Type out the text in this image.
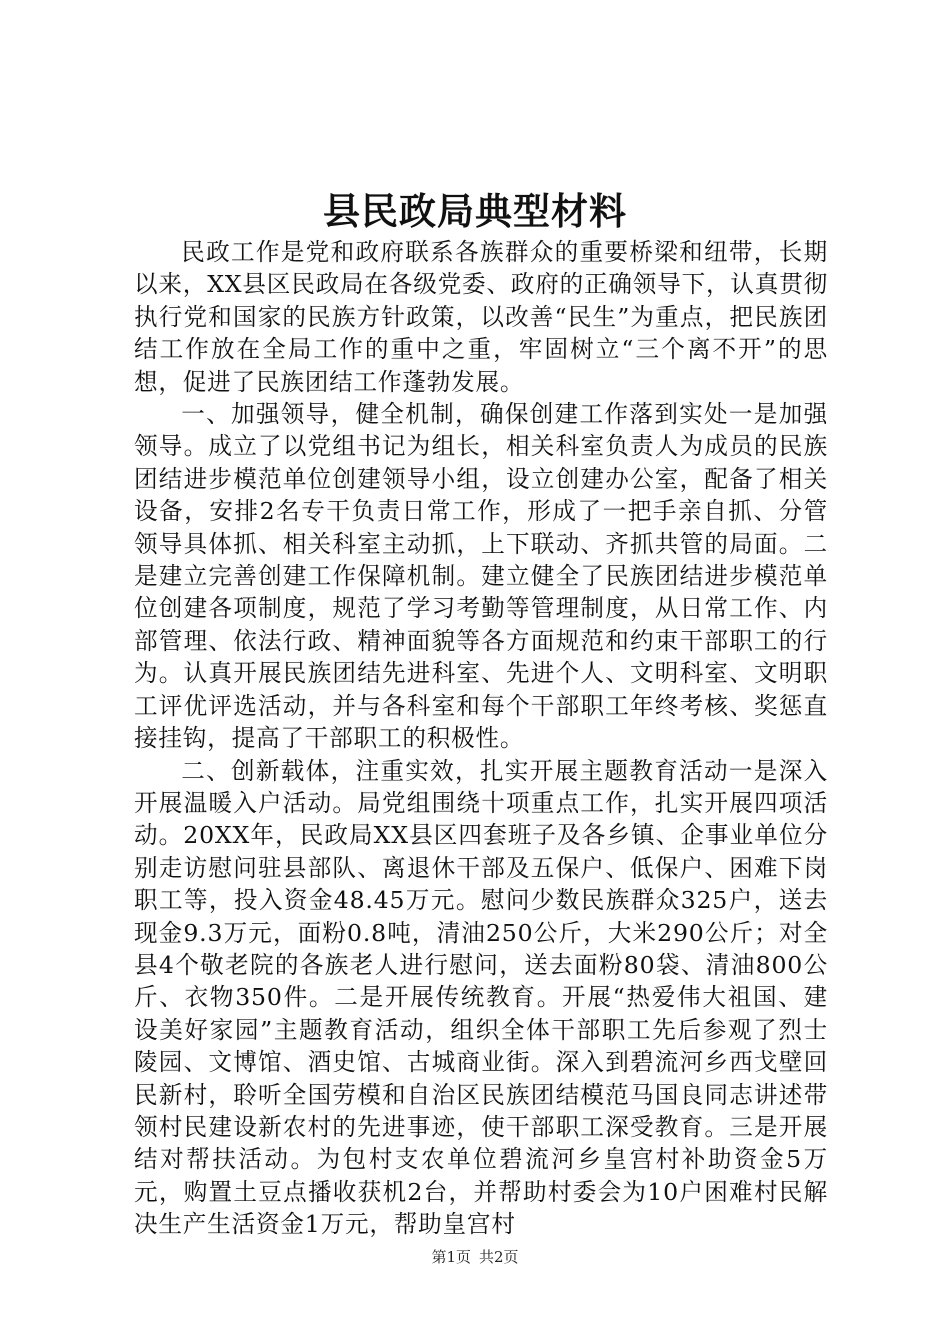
县民政局典型材料

民政工作是党和政府联系各族群众的重要桥梁和纽带，长期以来，XX县区民政局在各级党委、政府的正确领导下，认真贯彻执行党和国家的民族方针政策，以改善“民生”为重点，把民族团结工作放在全局工作的重中之重，牢固树立“三个离不开”的思想，促进了民族团结工作蓬勃发展。

一、加强领导，健全机制，确保创建工作落到实处一是加强领导。成立了以党组书记为组长，相关科室负责人为成员的民族团结进步模范单位创建领导小组，设立创建办公室，配备了相关设备，安排2名专干负责日常工作，形成了一把手亲自抓、分管领导具体抓、相关科室主动抓，上下联动、齐抓共管的局面。二是建立完善创建工作保障机制。建立健全了民族团结进步模范单位创建各项制度，规范了学习考勤等管理制度，从日常工作、内部管理、依法行政、精神面貌等各方面规范和约束干部职工的行为。认真开展民族团结先进科室、先进个人、文明科室、文明职工评优评选活动，并与各科室和每个干部职工年终考核、奖惩直接挂钩，提高了干部职工的积极性。

二、创新载体，注重实效，扎实开展主题教育活动一是深入开展温暖入户活动。局党组围绕十项重点工作，扎实开展四项活动。20XX年，民政局XX县区四套班子及各乡镇、企事业单位分别走访慰问驻县部队、离退休干部及五保户、低保户、困难下岗职工等，投入资金48.45万元。慰问少数民族群众325户，送去现金9.3万元，面粉0.8吨，清油250公斤，大米290公斤；对全县4个敬老院的各族老人进行慰问，送去面粉80袋、清油800公斤、衣物350件。二是开展传统教育。开展“热爱伟大祖国、建设美好家园”主题教育活动，组织全体干部职工先后参观了烈士陵园、文博馆、酒史馆、古城商业街。深入到碧流河乡西戈壁回民新村，聆听全国劳模和自治区民族团结模范马国良同志讲述带领村民建设新农村的先进事迹，使干部职工深受教育。三是开展结对帮扶活动。为包村支农单位碧流河乡皇宫村补助资金5万元，购置土豆点播收获机2台，并帮助村委会为10户困难村民解决生产生活资金1万元，帮助皇宫村

第1页 共2页
